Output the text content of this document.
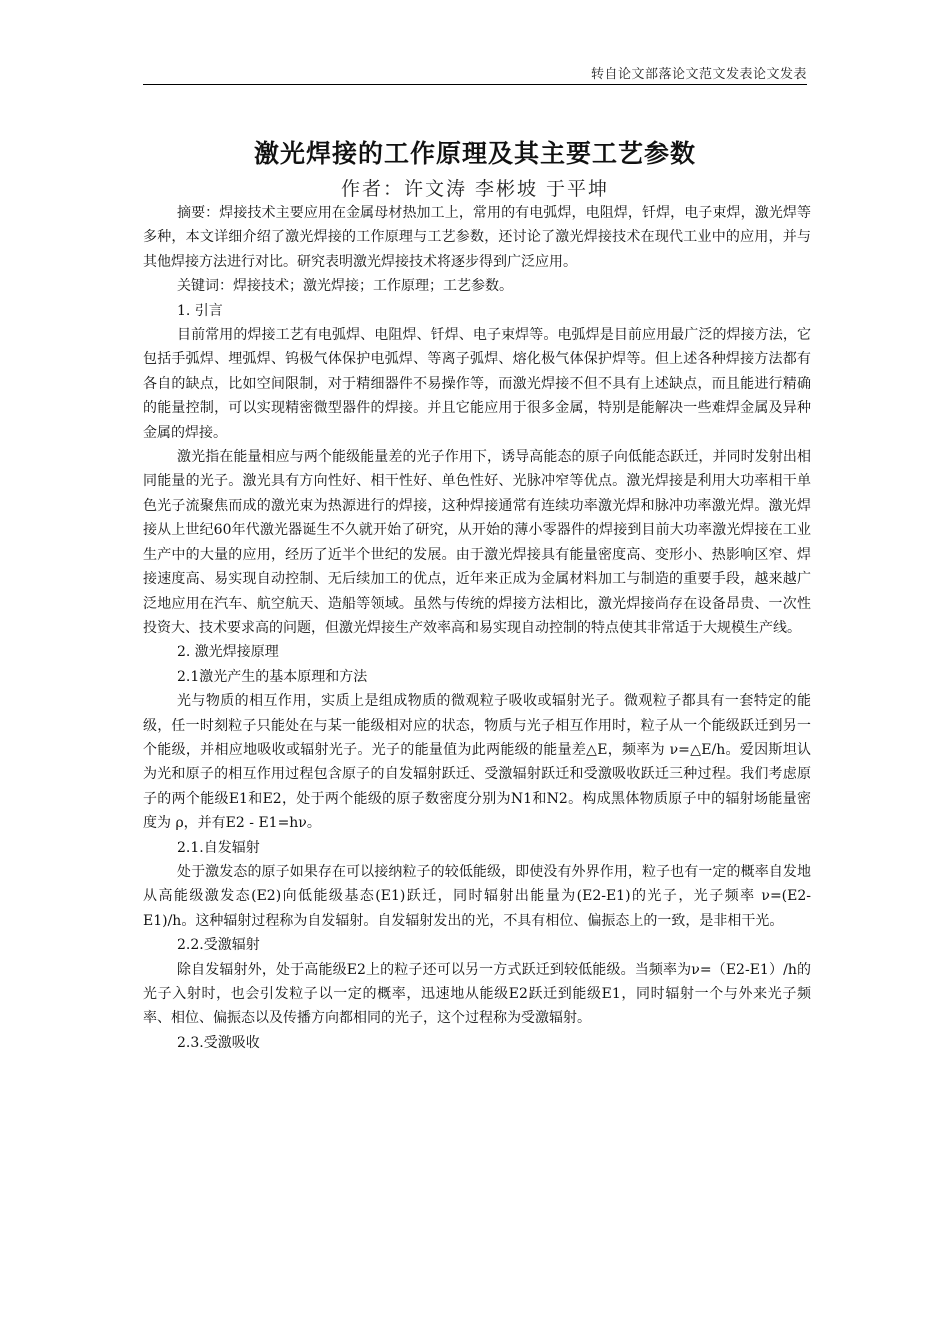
转自论文部落论文范文发表论文发表
激光焊接的工作原理及其主要工艺参数
作者：许文涛 李彬坡 于平坤

摘要：焊接技术主要应用在金属母材热加工上，常用的有电弧焊，电阻焊，钎焊，电子束焊，激光焊等多种，本文详细介绍了激光焊接的工作原理与工艺参数，还讨论了激光焊接技术在现代工业中的应用，并与其他焊接方法进行对比。研究表明激光焊接技术将逐步得到广泛应用。

关键词：焊接技术；激光焊接；工作原理；工艺参数。

1. 引言

目前常用的焊接工艺有电弧焊、电阻焊、钎焊、电子束焊等。电弧焊是目前应用最广泛的焊接方法，它包括手弧焊、埋弧焊、钨极气体保护电弧焊、等离子弧焊、熔化极气体保护焊等。但上述各种焊接方法都有各自的缺点，比如空间限制，对于精细器件不易操作等，而激光焊接不但不具有上述缺点，而且能进行精确的能量控制，可以实现精密微型器件的焊接。并且它能应用于很多金属，特别是能解决一些难焊金属及异种金属的焊接。

激光指在能量相应与两个能级能量差的光子作用下，诱导高能态的原子向低能态跃迁，并同时发射出相同能量的光子。激光具有方向性好、相干性好、单色性好、光脉冲窄等优点。激光焊接是利用大功率相干单色光子流聚焦而成的激光束为热源进行的焊接，这种焊接通常有连续功率激光焊和脉冲功率激光焊。激光焊接从上世纪60年代激光器诞生不久就开始了研究，从开始的薄小零器件的焊接到目前大功率激光焊接在工业生产中的大量的应用，经历了近半个世纪的发展。由于激光焊接具有能量密度高、变形小、热影响区窄、焊接速度高、易实现自动控制、无后续加工的优点，近年来正成为金属材料加工与制造的重要手段，越来越广泛地应用在汽车、航空航天、造船等领域。虽然与传统的焊接方法相比，激光焊接尚存在设备昂贵、一次性投资大、技术要求高的问题，但激光焊接生产效率高和易实现自动控制的特点使其非常适于大规模生产线。

2. 激光焊接原理

2.1激光产生的基本原理和方法

光与物质的相互作用，实质上是组成物质的微观粒子吸收或辐射光子。微观粒子都具有一套特定的能级，任一时刻粒子只能处在与某一能级相对应的状态，物质与光子相互作用时，粒子从一个能级跃迁到另一个能级，并相应地吸收或辐射光子。光子的能量值为此两能级的能量差△E，频率为 ν=△E/h。爱因斯坦认为光和原子的相互作用过程包含原子的自发辐射跃迁、受激辐射跃迁和受激吸收跃迁三种过程。我们考虑原子的两个能级E1和E2，处于两个能级的原子数密度分别为N1和N2。构成黑体物质原子中的辐射场能量密度为 ρ，并有E2 - E1=hν。

2.1.自发辐射

处于激发态的原子如果存在可以接纳粒子的较低能级，即使没有外界作用，粒子也有一定的概率自发地从高能级激发态(E2)向低能级基态(E1)跃迁，同时辐射出能量为(E2-E1)的光子，光子频率 ν=(E2-E1)/h。这种辐射过程称为自发辐射。自发辐射发出的光，不具有相位、偏振态上的一致，是非相干光。

2.2.受激辐射

除自发辐射外，处于高能级E2上的粒子还可以另一方式跃迁到较低能级。当频率为ν=（E2-E1）/h的光子入射时，也会引发粒子以一定的概率，迅速地从能级E2跃迁到能级E1，同时辐射一个与外来光子频率、相位、偏振态以及传播方向都相同的光子，这个过程称为受激辐射。

2.3.受激吸收
